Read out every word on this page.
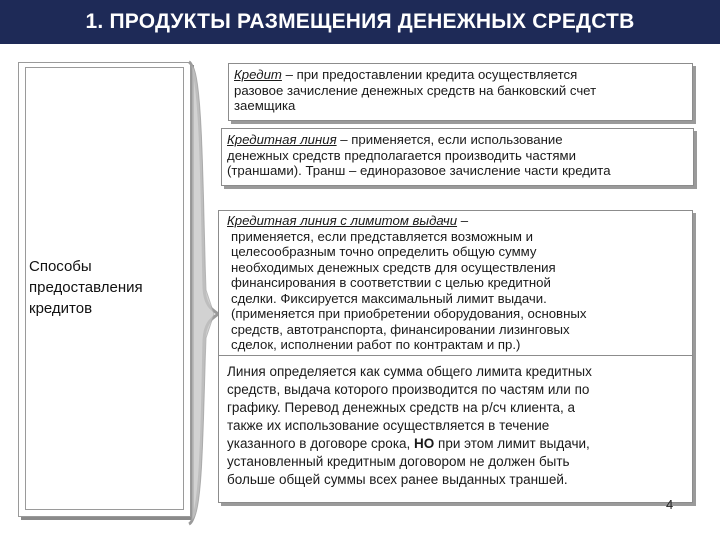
1. ПРОДУКТЫ РАЗМЕЩЕНИЯ ДЕНЕЖНЫХ СРЕДСТВ
Способы
предоставления
кредитов
Кредит – при предоставлении кредита осуществляется
разовое зачисление денежных средств на банковский счет
заемщика
Кредитная линия – применяется, если использование
денежных средств предполагается производить частями
(траншами). Транш – единоразовое зачисление части кредита
Кредитная линия с лимитом выдачи –
применяется, если представляется возможным и
целесообразным точно определить общую сумму
необходимых денежных средств для осуществления
финансирования в соответствии с целью кредитной
сделки. Фиксируется максимальный лимит выдачи.
(применяется при приобретении оборудования, основных
средств, автотранспорта, финансировании лизинговых
сделок, исполнении работ по контрактам и пр.)
Линия определяется как сумма общего лимита кредитных
средств, выдача которого производится по частям или по
графику. Перевод денежных средств на р/сч клиента, а
также их использование осуществляется в течение
указанного в договоре срока, НО при этом лимит выдачи,
установленный кредитным договором не должен быть
больше общей суммы всех ранее выданных траншей.
4
